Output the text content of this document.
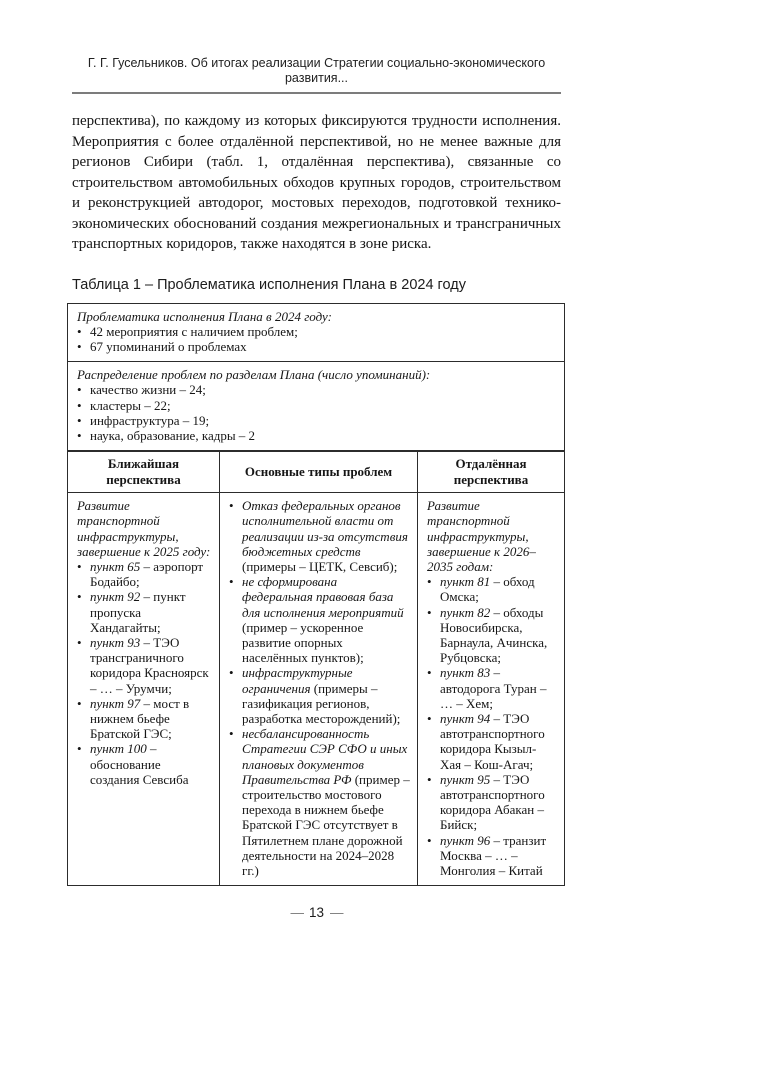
Г. Г. Гусельников. Об итогах реализации Стратегии социально-экономического развития...

перспектива), по каждому из которых фиксируются трудности исполнения. Мероприятия с более отдалённой перспективой, но не менее важные для регионов Сибири (табл. 1, отдалённая перспектива), связанные со строительством автомобильных обходов крупных городов, строительством и реконструкцией автодорог, мостовых переходов, подготовкой технико-экономических обоснований создания межрегиональных и трансграничных транспортных коридоров, также находятся в зоне риска.

Таблица 1 – Проблематика исполнения Плана в 2024 году
Проблематика исполнения Плана в 2024 году:
• 42 мероприятия с наличием проблем;
• 67 упоминаний о проблемах

Распределение проблем по разделам Плана (число упоминаний):
• качество жизни – 24;
• кластеры – 22;
• инфраструктура – 19;
• наука, образование, кадры – 2

Ближайшая перспектива	Основные типы проблем	Отдалённая перспектива

Развитие транспортной инфраструктуры, завершение к 2025 году:
• пункт 65 – аэропорт Бодайбо;
• пункт 92 – пункт пропуска Хандагайты;
• пункт 93 – ТЭО трансграничного коридора Красноярск – … – Урумчи;
• пункт 97 – мост в нижнем бьефе Братской ГЭС;
• пункт 100 – обоснование создания Севсиба

• Отказ федеральных органов исполнительной власти от реализации из-за отсутствия бюджетных средств (примеры – ЦЕТК, Севсиб);
• не сформирована федеральная правовая база для исполнения мероприятий (пример – ускоренное развитие опорных населённых пунктов);
• инфраструктурные ограничения (примеры – газификация регионов, разработка месторождений);
• несбалансированность Стратегии СЭР СФО и иных плановых документов Правительства РФ (пример – строительство мостового перехода в нижнем бьефе Братской ГЭС отсутствует в Пятилетнем плане дорожной деятельности на 2024–2028 гг.)

Развитие транспортной инфраструктуры, завершение к 2026–2035 годам:
• пункт 81 – обход Омска;
• пункт 82 – обходы Новосибирска, Барнаула, Ачинска, Рубцовска;
• пункт 83 – автодорога Туран – … – Хем;
• пункт 94 – ТЭО автотранспортного коридора Кызыл-Хая – Кош-Агач;
• пункт 95 – ТЭО автотранспортного коридора Абакан – Бийск;
• пункт 96 – транзит Москва – … – Монголия – Китай
— 13 —
